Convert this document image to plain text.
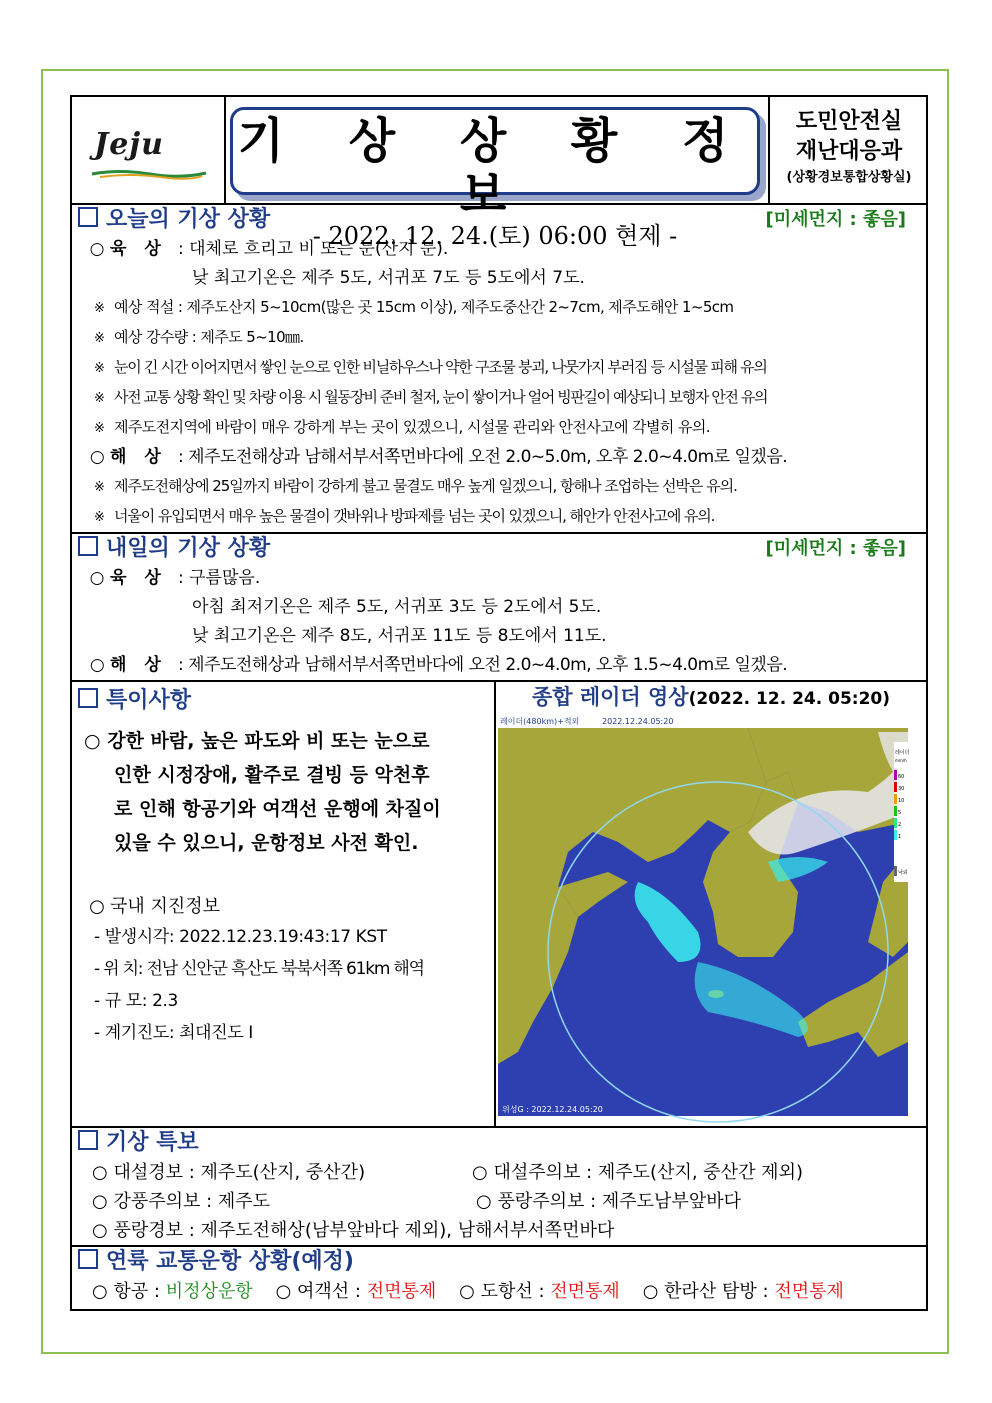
Jeju 기 상 상 황 정 보
- 2022. 12. 24.(토) 06:00 현제 -
도민안전실
재난대응과
(상황경보통합상황실)
오늘의 기상 상황	[미세먼지 : 좋음]
○ 육 상 : 대체로 흐리고 비 또는 눈(산지 눈).
낮 최고기온은 제주 5도, 서귀포 7도 등 5도에서 7도.
※ 예상 적설 : 제주도산지 5~10cm(많은 곳 15cm 이상), 제주도중산간 2~7cm, 제주도해안 1~5cm
※ 예상 강수량 : 제주도 5~10㎜.
※ 눈이 긴 시간 이어지면서 쌓인 눈으로 인한 비닐하우스나 약한 구조물 붕괴, 나뭇가지 부러짐 등 시설물 피해 유의
※ 사전 교통 상황 확인 및 차량 이용 시 월동장비 준비 철저, 눈이 쌓이거나 얼어 빙판길이 예상되니 보행자 안전 유의
※ 제주도전지역에 바람이 매우 강하게 부는 곳이 있겠으니, 시설물 관리와 안전사고에 각별히 유의.
○ 해 상 : 제주도전해상과 남해서부서쪽먼바다에 오전 2.0~5.0m, 오후 2.0~4.0m로 일겠음.
※ 제주도전해상에 25일까지 바람이 강하게 불고 물결도 매우 높게 일겠으니, 항해나 조업하는 선박은 유의.
※ 너울이 유입되면서 매우 높은 물결이 갯바위나 방파제를 넘는 곳이 있겠으니, 해안가 안전사고에 유의.
내일의 기상 상황	[미세먼지 : 좋음]
○ 육 상 : 구름많음.
아침 최저기온은 제주 5도, 서귀포 3도 등 2도에서 5도.
낮 최고기온은 제주 8도, 서귀포 11도 등 8도에서 11도.
○ 해 상 : 제주도전해상과 남해서부서쪽먼바다에 오전 2.0~4.0m, 오후 1.5~4.0m로 일겠음.
특이사항
○ 강한 바람, 높은 파도와 비 또는 눈으로
인한 시정장애, 활주로 결빙 등 악천후
로 인해 항공기와 여객선 운행에 차질이
있을 수 있으니, 운항정보 사전 확인.
○ 국내 지진정보
- 발생시각: 2022.12.23.19:43:17 KST
- 위 치: 전남 신안군 흑산도 북북서쪽 61km 해역
- 규 모: 2.3
- 계기진도: 최대진도 Ⅰ
종합 레이더 영상(2022. 12. 24. 05:20)
레이더(480km)+적외	2022.12.24.05:20
레이더
mm/h
60
30
10
5
2
1
낙뢰
위성G : 2022.12.24.05:20
기상 특보
○ 대설경보 : 제주도(산지, 중산간)	○ 대설주의보 : 제주도(산지, 중산간 제외)
○ 강풍주의보 : 제주도	○ 풍랑주의보 : 제주도남부앞바다
○ 풍랑경보 : 제주도전해상(남부앞바다 제외), 남해서부서쪽먼바다
연륙 교통운항 상황(예정)
○ 항공 : 비정상운항 ○ 여객선 : 전면통제 ○ 도항선 : 전면통제 ○ 한라산 탐방 : 전면통제
